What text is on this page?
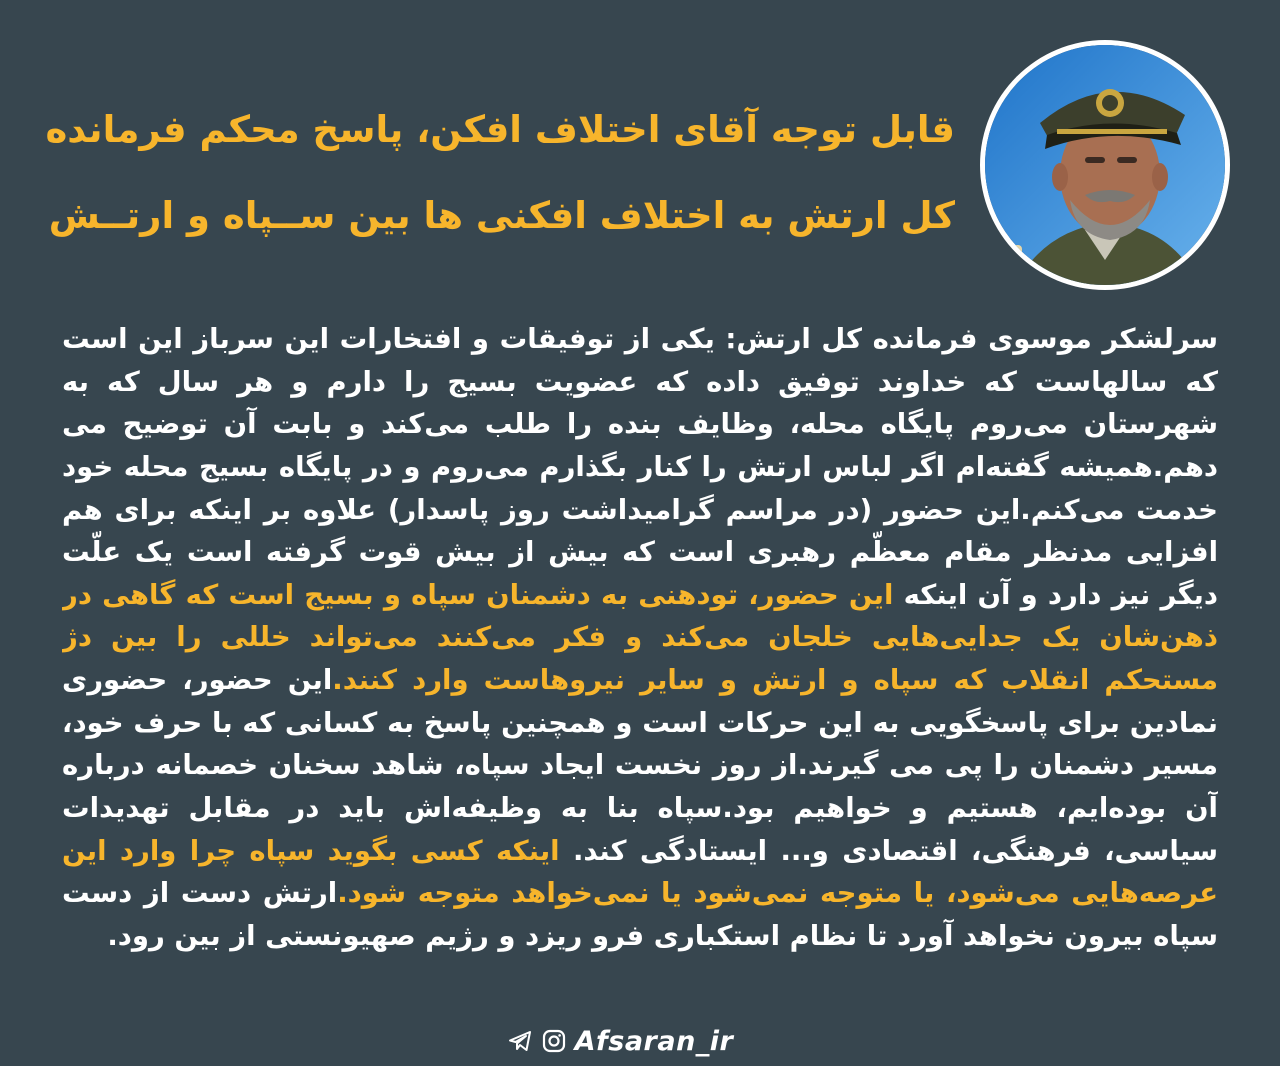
قابل توجه آقای اختلاف افکن، پاسخ محکم فرمانده
کل ارتش به اختلاف افکنی ها بین ســپاه و ارتــش
سرلشکر موسوی فرمانده کل ارتش: یکی از توفیقات و افتخارات این سرباز این است که سالهاست که خداوند توفیق داده که عضویت بسیج را دارم و هر سال که به شهرستان می‌روم پایگاه محله، وظایف بنده را طلب می‌کند و بابت آن توضیح می دهم.همیشه گفته‌ام اگر لباس ارتش را کنار بگذارم می‌روم و در پایگاه بسیج محله خود خدمت می‌کنم.این حضور (در مراسم گرامیداشت روز پاسدار) علاوه بر اینکه برای هم افزایی مدنظر مقام معظّم رهبری است که بیش از بیش قوت گرفته است یک علّت دیگر نیز دارد و آن اینکه این حضور، تودهنی به دشمنان سپاه و بسیج است که گاهی در ذهن‌شان یک جدایی‌هایی خلجان می‌کند و فکر می‌کنند می‌تواند خللی را بین دژ مستحکم انقلاب که سپاه و ارتش و سایر نیروهاست وارد کنند.این حضور، حضوری نمادین برای پاسخگویی به این حرکات است و همچنین پاسخ به کسانی که با حرف خود، مسیر دشمنان را پی می گیرند.از روز نخست ایجاد سپاه، شاهد سخنان خصمانه درباره آن بوده‌ایم، هستیم و خواهیم بود.سپاه بنا به وظیفه‌اش باید در مقابل تهدیدات سیاسی، فرهنگی، اقتصادی و... ایستادگی کند. اینکه کسی بگوید سپاه چرا وارد این عرصه‌هایی می‌شود، یا متوجه نمی‌شود یا نمی‌خواهد متوجه شود.ارتش دست از دست سپاه بیرون نخواهد آورد تا نظام استکباری فرو ریزد و رژیم صهیونستی از بین رود.
Afsaran_ir
